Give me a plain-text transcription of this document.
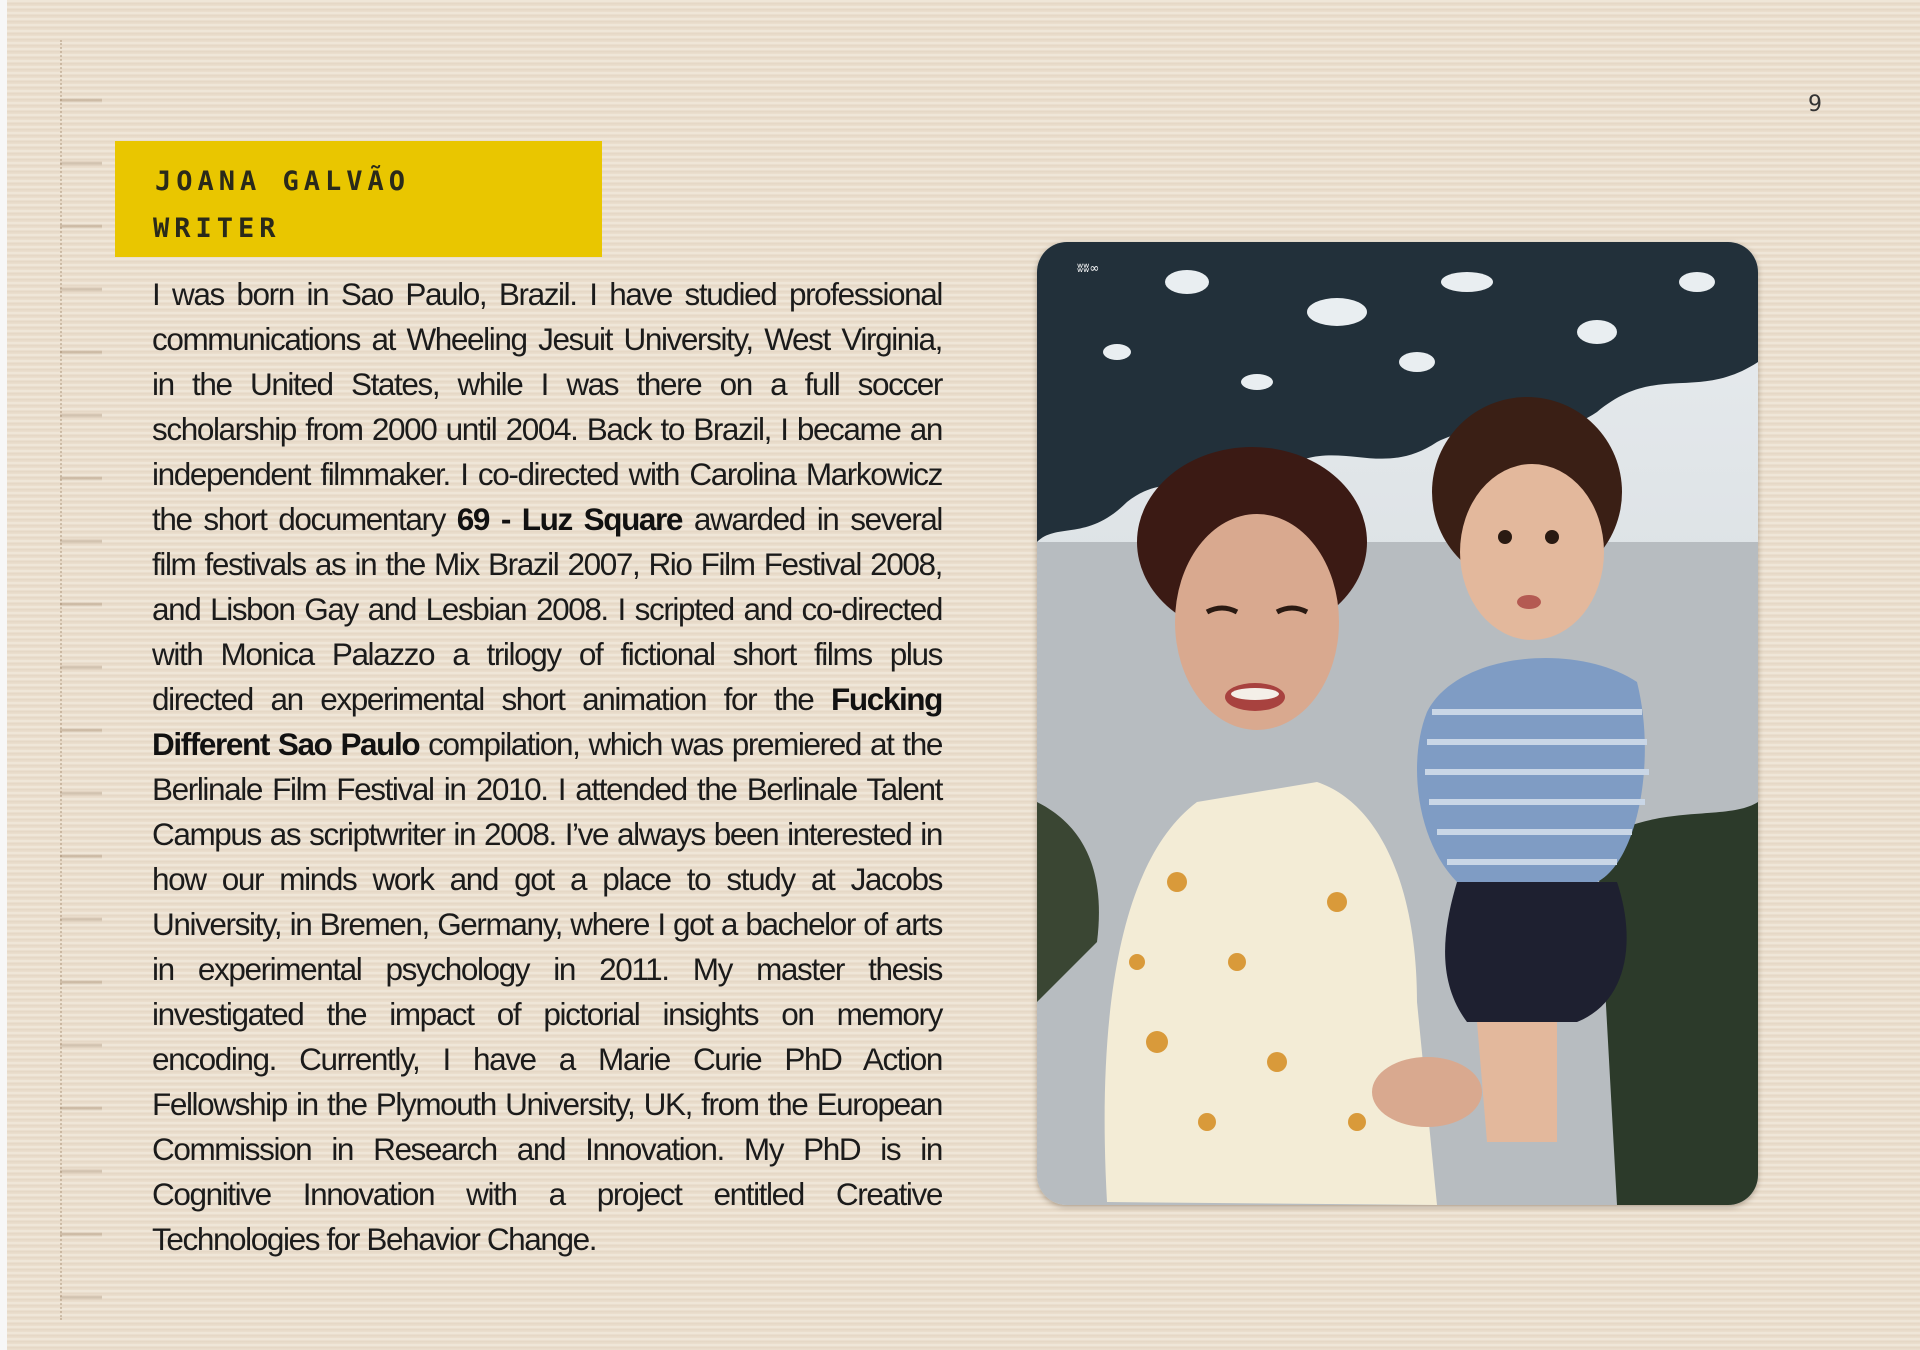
9
JOANA GALVÃO
WRITER

I was born in Sao Paulo, Brazil. I have studied professional communications at Wheeling Jesuit University, West Virginia, in the United States, while I was there on a full soccer scholarship from 2000 until 2004. Back to Brazil, I became an independent filmmaker. I co-directed with Carolina Markowicz the short documentary 69 - Luz Square awarded in several film festivals as in the Mix Brazil 2007, Rio Film Festival 2008, and Lisbon Gay and Lesbian 2008. I scripted and co-directed with Monica Palazzo a trilogy of fictional short films plus directed an experimental short animation for the Fucking Different Sao Paulo compilation, which was premiered at the Berlinale Film Festival in 2010. I attended the Berlinale Talent Campus as scriptwriter in 2008. I’ve always been interested in how our minds work and got a place to study at Jacobs University, in Bremen, Germany, where I got a bachelor of arts in experimental psychology in 2011. My master thesis investigated the impact of pictorial insights on memory encoding. Currently, I have a Marie Curie PhD Action Fellowship in the Plymouth University, UK, from the European Commission in Research and Innovation. My PhD is in Cognitive Innovation with a project entitled Creative Technologies for Behavior Change.

ʬʬ∞
